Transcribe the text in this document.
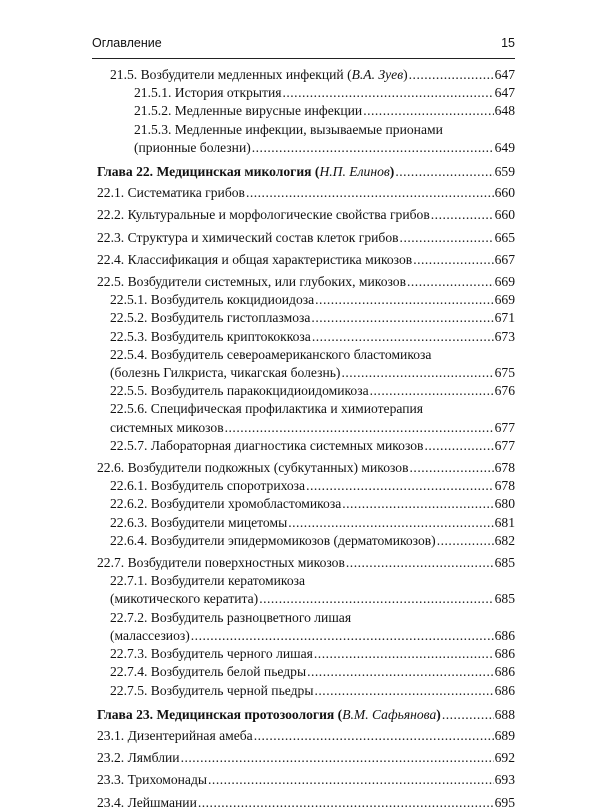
Оглавление	15
21.5. Возбудители медленных инфекций (В.А. Зуев) .....	647
21.5.1. История открытия .....	647
21.5.2. Медленные вирусные инфекции .....	648
21.5.3. Медленные инфекции, вызываемые прионами
(прионные болезни) .....	649
Глава 22. Медицинская микология (Н.П. Елинов) .....	659
22.1. Систематика грибов .....	660
22.2. Культуральные и морфологические свойства грибов .....	660
22.3. Структура и химический состав клеток грибов .....	665
22.4. Классификация и общая характеристика микозов .....	667
22.5. Возбудители системных, или глубоких, микозов .....	669
22.5.1. Возбудитель кокцидиоидоза .....	669
22.5.2. Возбудитель гистоплазмоза .....	671
22.5.3. Возбудитель криптококкоза .....	673
22.5.4. Возбудитель североамериканского бластомикоза
(болезнь Гилкриста, чикагская болезнь) .....	675
22.5.5. Возбудитель паракокцидиоидомикоза .....	676
22.5.6. Специфическая профилактика и химиотерапия
системных микозов .....	677
22.5.7. Лабораторная диагностика системных микозов .....	677
22.6. Возбудители подкожных (субкутанных) микозов .....	678
22.6.1. Возбудитель споротрихоза .....	678
22.6.2. Возбудители хромобластомикоза .....	680
22.6.3. Возбудители мицетомы .....	681
22.6.4. Возбудители эпидермомикозов (дерматомикозов) .....	682
22.7. Возбудители поверхностных микозов .....	685
22.7.1. Возбудители кератомикоза
(микотического кератита) .....	685
22.7.2. Возбудитель разноцветного лишая
(малассезиоз) .....	686
22.7.3. Возбудитель черного лишая .....	686
22.7.4. Возбудитель белой пьедры .....	686
22.7.5. Возбудитель черной пьедры .....	686
Глава 23. Медицинская протозоология (В.М. Сафьянова) .....	688
23.1. Дизентерийная амеба .....	689
23.2. Лямблии .....	692
23.3. Трихомонады .....	693
23.4. Лейшмании .....	695
